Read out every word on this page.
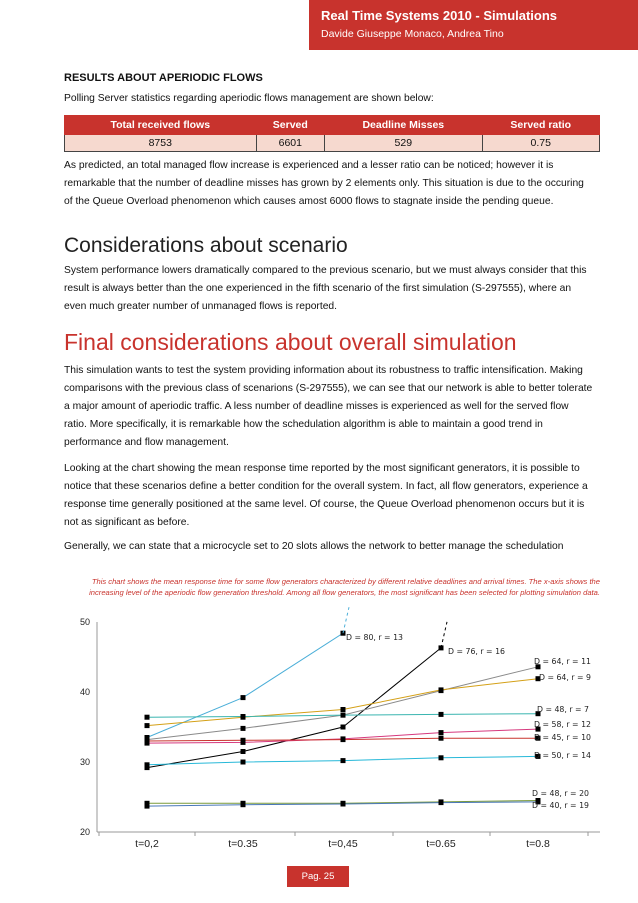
Real Time Systems 2010 - Simulations
Davide Giuseppe Monaco, Andrea Tino
RESULTS ABOUT APERIODIC FLOWS

Polling Server statistics regarding aperiodic flows management are shown below:

Total received flows	Served	Deadline Misses	Served ratio
8753	6601	529	0.75

As predicted, an total managed flow increase is experienced and a lesser ratio can be noticed; however it is remarkable that the number of deadline misses has grown by 2 elements only. This situation is due to the occuring of the Queue Overload phenomenon which causes amost 6000 flows to stagnate inside the pending queue.

Considerations about scenario

System performance lowers dramatically compared to the previous scenario, but we must always consider that this result is always better than the one experienced in the fifth scenario of the first simulation (S-297555), where an even much greater number of unmanaged flows is reported.

Final considerations about overall simulation

This simulation wants to test the system providing information about its robustness to traffic intensification. Making comparisons with the previous class of scenarions (S-297555), we can see that our network is able to better tolerate a major amount of aperiodic traffic. A less number of deadline misses is experienced as well for the served flow ratio. More specifically, it is remarkable how the schedulation algorithm is able to maintain a good trend in performance and flow management.

Looking at the chart showing the mean response time reported by the most significant generators, it is possible to notice that these scenarios define a better condition for the overall system. In fact, all flow generators, experience a response time generally positioned at the same level. Of course, the Queue Overload phenomenon occurs but it is not as significant as before.

Generally, we can state that a microcycle set to 20 slots allows the network to better manage the schedulation

This chart shows the mean response time for some flow generators characterized by different relative deadlines and arrival times. The x-axis shows the increasing level of the aperiodic flow generation threshold. Among all flow generators, the most significant has been selected for plotting simulation data.
20
30
40
50
t=0,2	t=0.35	t=0,45	t=0.65	t=0.8
D = 80, r = 13
D = 76, r = 16
D = 64, r = 11
D = 64, r = 9
D = 48, r = 7
D = 58, r = 12
D = 45, r = 10
D = 50, r = 14
D = 48, r = 20
D = 40, r = 19
Pag. 25
